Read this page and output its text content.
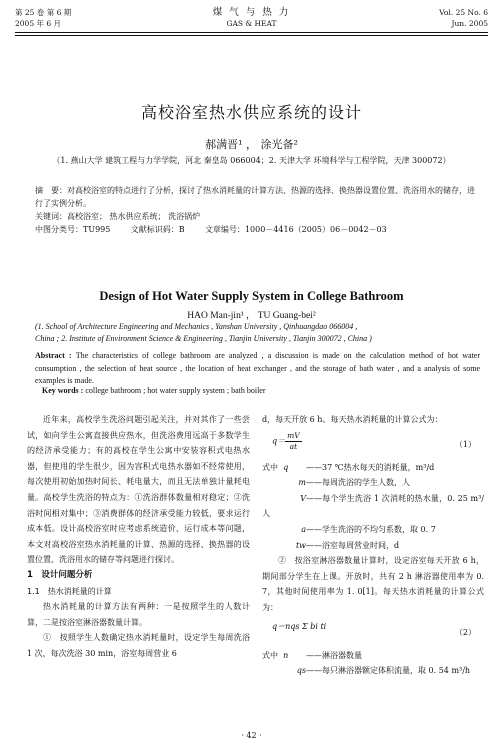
第 25 卷 第 6 期
2005 年 6 月
煤 气 与 热 力
GAS & HEAT
Vol. 25 No. 6
Jun. 2005
高校浴室热水供应系统的设计
郝满晋¹ ， 涂光备²
（1. 燕山大学 建筑工程与力学学院，河北 秦皇岛 066004；2. 天津大学 环境科学与工程学院，天津 300072）
摘　要：对高校浴室的特点进行了分析，探讨了热水消耗量的计算方法、热源的选择、换热器设置位置、洗浴用水的储存，进行了实例分析。
关键词：高校浴室； 热水供应系统； 洗浴锅炉
中图分类号：TU995	文献标识码：B	文章编号：1000－4416（2005）06－0042－03
Design of Hot Water Supply System in College Bathroom
HAO Man-jin¹ ， TU Guang-bei²
(1. School of Architecture Engineering and Mechanics , Yanshan University , Qinhuangdao 066004 ,
China ; 2. Institute of Environment Science & Engineering , Tianjin University , Tianjin 300072 , China )
Abstract : The characteristics of college bathroom are analyzed , a discussion is made on the calculation method of hot water consumption , the selection of heat source , the location of heat exchanger , and the storage of bath water , and a analysis of some examples is made.
Key words : college bathroom ; hot water supply system ; bath boiler
近年来，高校学生洗浴问题引起关注，并对其作了一些尝试，如向学生公寓直接供应热水，但洗浴费用远高于多数学生的经济承受能力；有的高校在学生公寓中安装容积式电热水器，但使用的学生很少，因为容积式电热水器如不经常使用，每次使用初始加热时间长、耗电量大，而且无法单独计量耗电量。高校学生洗浴的特点为：①洗浴群体数量相对稳定；②洗浴时间相对集中；③消费群体的经济承受能力较低，要求运行成本低。设计高校浴室时应考虑系统造价、运行成本等问题，本文对高校浴室热水消耗量的计算、热源的选择、换热器的设置位置、洗浴用水的储存等问题进行探讨。
1　设计问题分析
1.1　热水消耗量的计算
热水消耗量的计算方法有两种：一是按照学生的人数计算，二是按浴室淋浴器数量计算。
①　按照学生人数确定热水消耗量时，设定学生每周洗浴 1 次，每次洗浴 30 min，浴室每周营业 6
d，每天开放 6 h。每天热水消耗量的计算公式为：
$q= \frac{mV}{at}$	（1）
式中 q ——37 ℃热水每天的消耗量，m³/d
m——每周洗浴的学生人数，人
V——每个学生洗浴 1 次消耗的热水量，0. 25 m³/人
a——学生洗浴的不均匀系数，取 0. 7
tw——浴室每周营业时间，d
②　按浴室淋浴器数量计算时，设定浴室每天开放 6 h，期间部分学生在上课。开放时，共有 2 h 淋浴器使用率为 0. 7，其他时间使用率为 1. 0[1]。每天热水消耗量的计算公式为：
q＝nqs Σ bi ti
（2）
式中 n ——淋浴器数量
qs——每只淋浴器额定体积流量，取 0. 54 m³/h
· 42 ·
